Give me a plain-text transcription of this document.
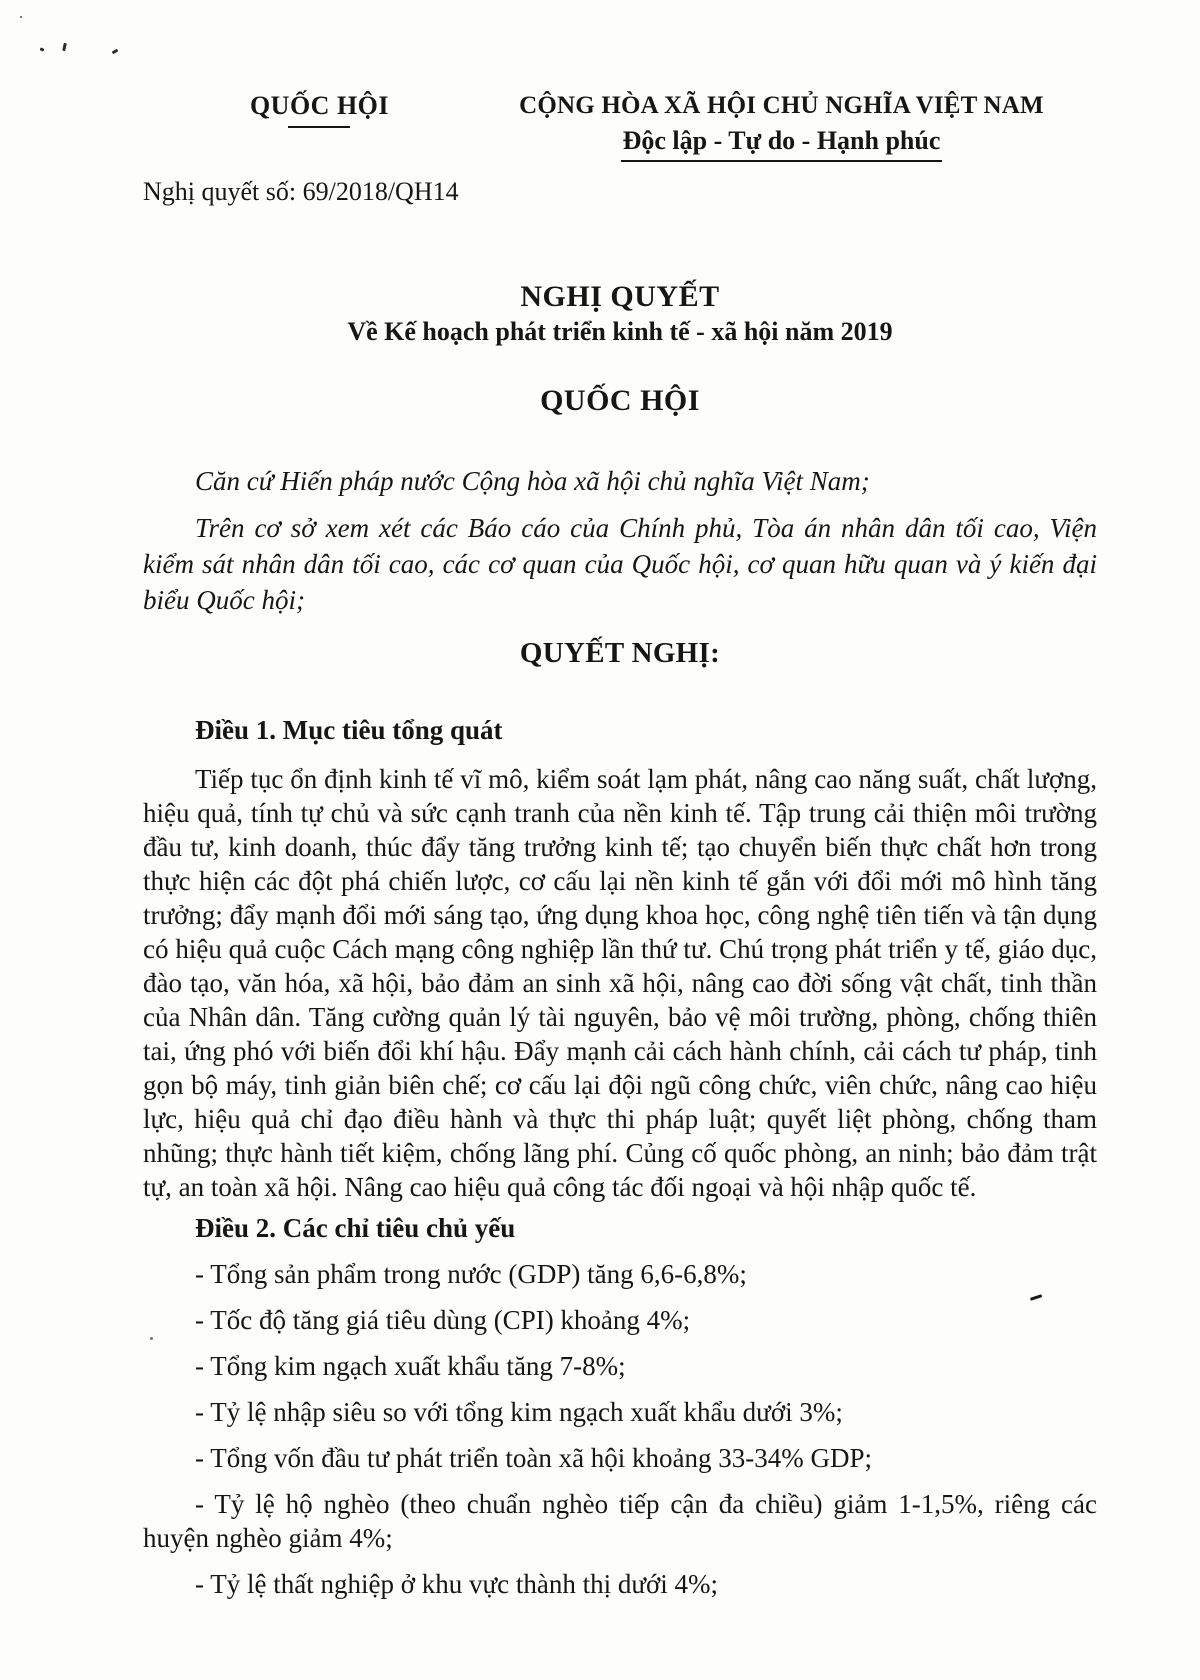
QUỐC HỘI	CỘNG HÒA XÃ HỘI CHỦ NGHĨA VIỆT NAM
Độc lập - Tự do - Hạnh phúc
Nghị quyết số: 69/2018/QH14
NGHỊ QUYẾT
Về Kế hoạch phát triển kinh tế - xã hội năm 2019
QUỐC HỘI

Căn cứ Hiến pháp nước Cộng hòa xã hội chủ nghĩa Việt Nam;

Trên cơ sở xem xét các Báo cáo của Chính phủ, Tòa án nhân dân tối cao, Viện kiểm sát nhân dân tối cao, các cơ quan của Quốc hội, cơ quan hữu quan và ý kiến đại biểu Quốc hội;

QUYẾT NGHỊ:

Điều 1. Mục tiêu tổng quát

Tiếp tục ổn định kinh tế vĩ mô, kiểm soát lạm phát, nâng cao năng suất, chất lượng, hiệu quả, tính tự chủ và sức cạnh tranh của nền kinh tế. Tập trung cải thiện môi trường đầu tư, kinh doanh, thúc đẩy tăng trưởng kinh tế; tạo chuyển biến thực chất hơn trong thực hiện các đột phá chiến lược, cơ cấu lại nền kinh tế gắn với đổi mới mô hình tăng trưởng; đẩy mạnh đổi mới sáng tạo, ứng dụng khoa học, công nghệ tiên tiến và tận dụng có hiệu quả cuộc Cách mạng công nghiệp lần thứ tư. Chú trọng phát triển y tế, giáo dục, đào tạo, văn hóa, xã hội, bảo đảm an sinh xã hội, nâng cao đời sống vật chất, tinh thần của Nhân dân. Tăng cường quản lý tài nguyên, bảo vệ môi trường, phòng, chống thiên tai, ứng phó với biến đổi khí hậu. Đẩy mạnh cải cách hành chính, cải cách tư pháp, tinh gọn bộ máy, tinh giản biên chế; cơ cấu lại đội ngũ công chức, viên chức, nâng cao hiệu lực, hiệu quả chỉ đạo điều hành và thực thi pháp luật; quyết liệt phòng, chống tham nhũng; thực hành tiết kiệm, chống lãng phí. Củng cố quốc phòng, an ninh; bảo đảm trật tự, an toàn xã hội. Nâng cao hiệu quả công tác đối ngoại và hội nhập quốc tế.

Điều 2. Các chỉ tiêu chủ yếu

- Tổng sản phẩm trong nước (GDP) tăng 6,6-6,8%;

- Tốc độ tăng giá tiêu dùng (CPI) khoảng 4%;

- Tổng kim ngạch xuất khẩu tăng 7-8%;

- Tỷ lệ nhập siêu so với tổng kim ngạch xuất khẩu dưới 3%;

- Tổng vốn đầu tư phát triển toàn xã hội khoảng 33-34% GDP;

- Tỷ lệ hộ nghèo (theo chuẩn nghèo tiếp cận đa chiều) giảm 1-1,5%, riêng các huyện nghèo giảm 4%;

- Tỷ lệ thất nghiệp ở khu vực thành thị dưới 4%;
